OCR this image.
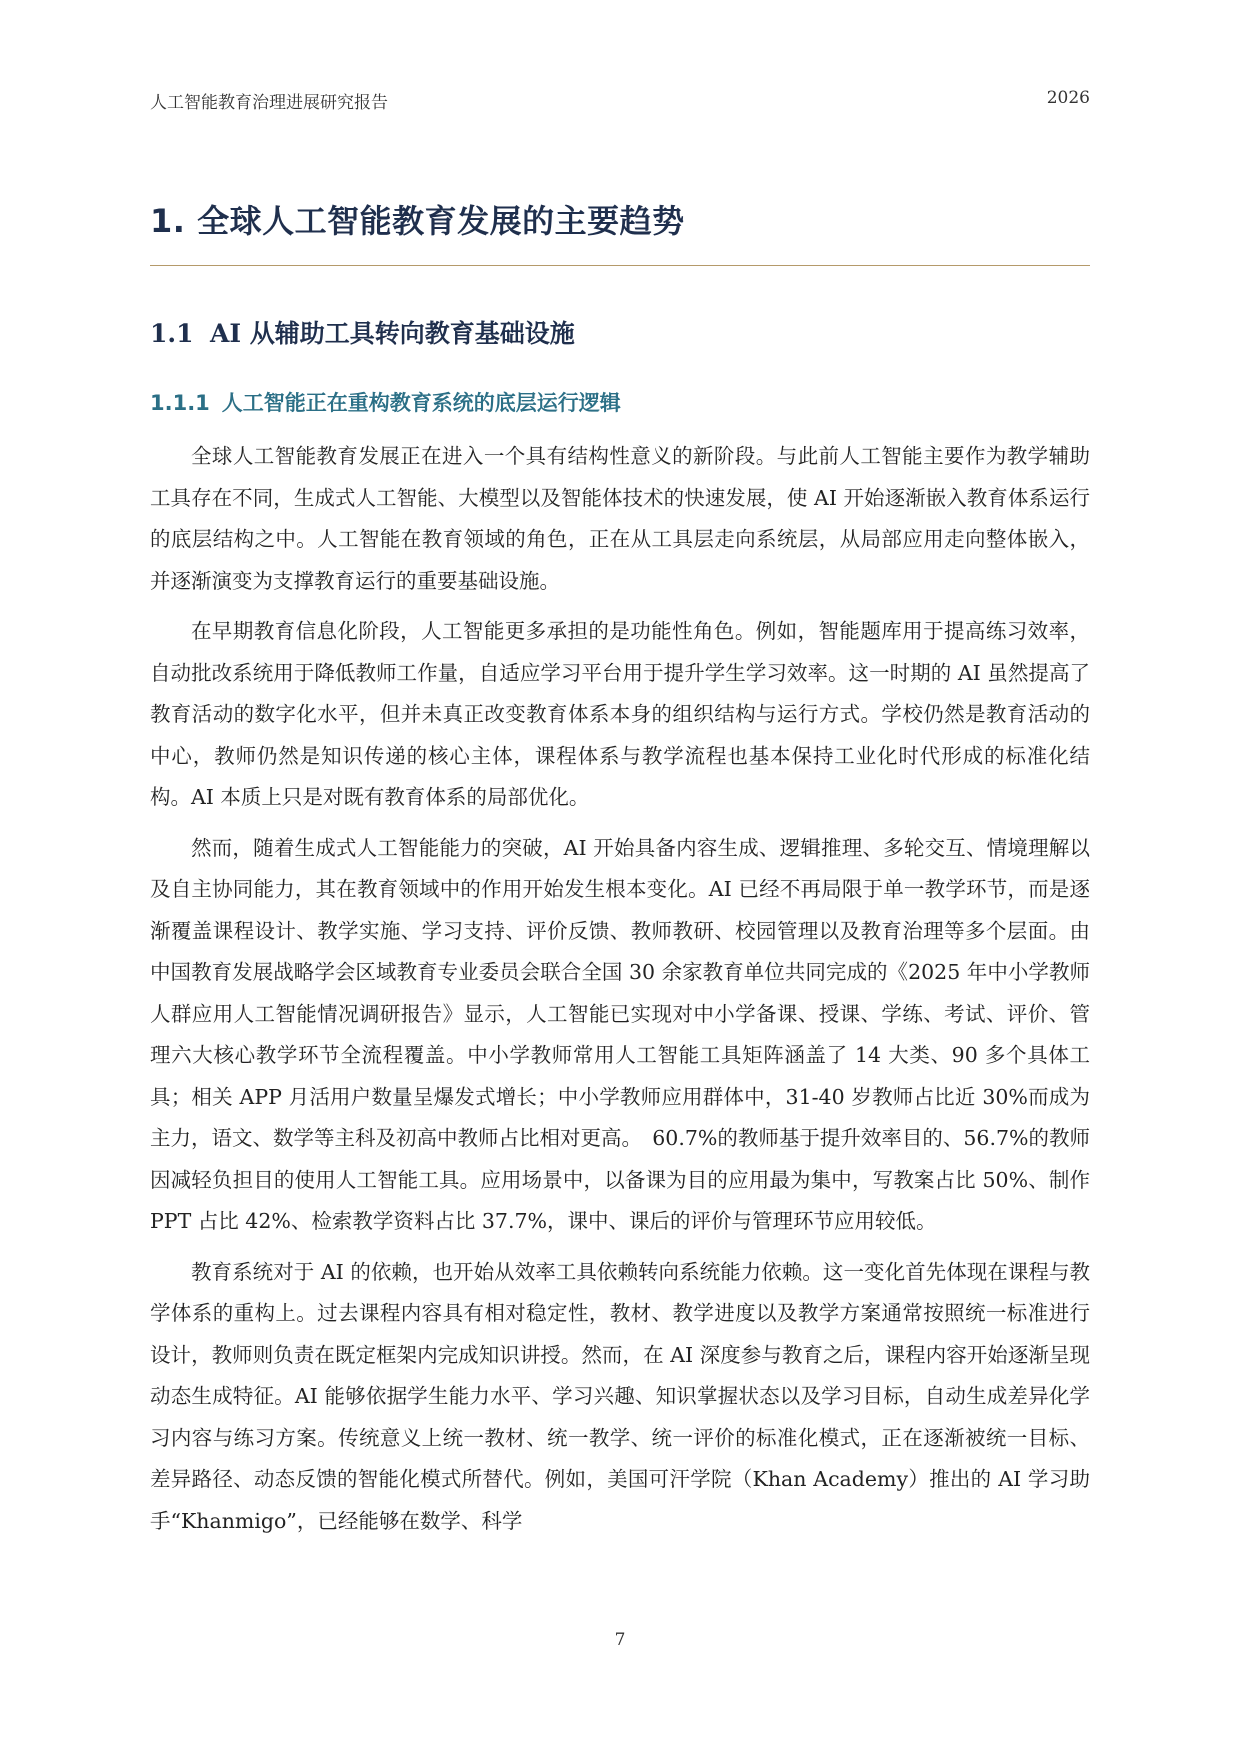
人工智能教育治理进展研究报告	2026
1. 全球人工智能教育发展的主要趋势
1.1 AI 从辅助工具转向教育基础设施
1.1.1 人工智能正在重构教育系统的底层运行逻辑

全球人工智能教育发展正在进入一个具有结构性意义的新阶段。与此前人工智能主要作为教学辅助工具存在不同，生成式人工智能、大模型以及智能体技术的快速发展，使 AI 开始逐渐嵌入教育体系运行的底层结构之中。人工智能在教育领域的角色，正在从工具层走向系统层，从局部应用走向整体嵌入，并逐渐演变为支撑教育运行的重要基础设施。

在早期教育信息化阶段，人工智能更多承担的是功能性角色。例如，智能题库用于提高练习效率，自动批改系统用于降低教师工作量，自适应学习平台用于提升学生学习效率。这一时期的 AI 虽然提高了教育活动的数字化水平，但并未真正改变教育体系本身的组织结构与运行方式。学校仍然是教育活动的中心，教师仍然是知识传递的核心主体，课程体系与教学流程也基本保持工业化时代形成的标准化结构。AI 本质上只是对既有教育体系的局部优化。

然而，随着生成式人工智能能力的突破，AI 开始具备内容生成、逻辑推理、多轮交互、情境理解以及自主协同能力，其在教育领域中的作用开始发生根本变化。AI 已经不再局限于单一教学环节，而是逐渐覆盖课程设计、教学实施、学习支持、评价反馈、教师教研、校园管理以及教育治理等多个层面。由中国教育发展战略学会区域教育专业委员会联合全国 30 余家教育单位共同完成的《2025 年中小学教师人群应用人工智能情况调研报告》显示，人工智能已实现对中小学备课、授课、学练、考试、评价、管理六大核心教学环节全流程覆盖。中小学教师常用人工智能工具矩阵涵盖了 14 大类、90 多个具体工具；相关 APP 月活用户数量呈爆发式增长；中小学教师应用群体中，31-40 岁教师占比近 30%而成为主力，语文、数学等主科及初高中教师占比相对更高。　60.7%的教师基于提升效率目的、56.7%的教师因减轻负担目的使用人工智能工具。应用场景中，以备课为目的应用最为集中，写教案占比 50%、制作 PPT 占比 42%、检索教学资料占比 37.7%，课中、课后的评价与管理环节应用较低。

教育系统对于 AI 的依赖，也开始从效率工具依赖转向系统能力依赖。这一变化首先体现在课程与教学体系的重构上。过去课程内容具有相对稳定性，教材、教学进度以及教学方案通常按照统一标准进行设计，教师则负责在既定框架内完成知识讲授。然而，在 AI 深度参与教育之后，课程内容开始逐渐呈现动态生成特征。AI 能够依据学生能力水平、学习兴趣、知识掌握状态以及学习目标，自动生成差异化学习内容与练习方案。传统意义上统一教材、统一教学、统一评价的标准化模式，正在逐渐被统一目标、差异路径、动态反馈的智能化模式所替代。例如，美国可汗学院（Khan Academy）推出的 AI 学习助手“Khanmigo”，已经能够在数学、科学

7
